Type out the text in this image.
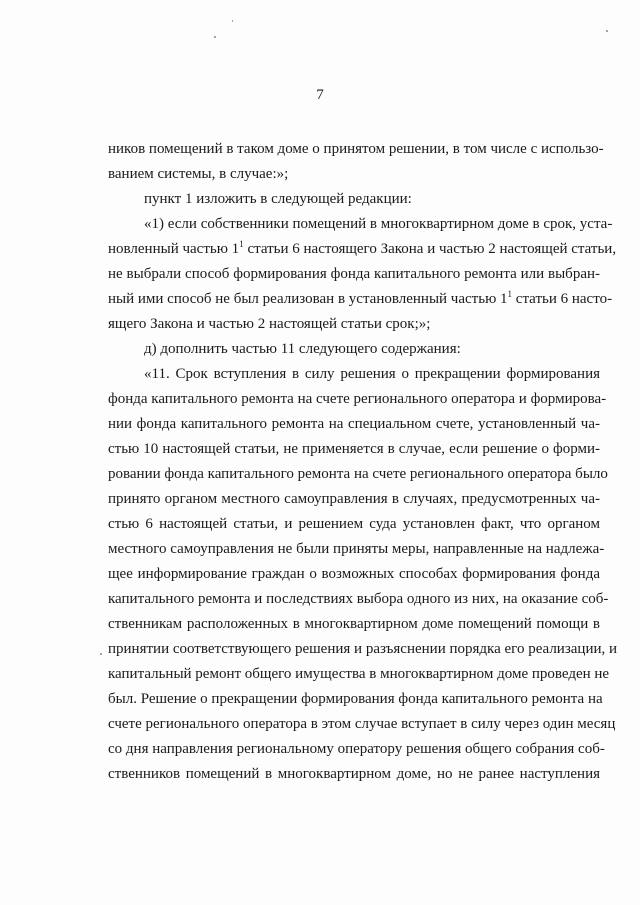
7
ников помещений в таком доме о принятом решении, в том числе с использо-
ванием системы, в случае:»;
пункт 1 изложить в следующей редакции:
«1) если собственники помещений в многоквартирном доме в срок, уста-
новленный частью $1^1$ статьи 6 настоящего Закона и частью 2 настоящей статьи,
не выбрали способ формирования фонда капитального ремонта или выбран-
ный ими способ не был реализован в установленный частью $1^1$ статьи 6 насто-
ящего Закона и частью 2 настоящей статьи срок;»;
д) дополнить частью 11 следующего содержания:
«11. Срок вступления в силу решения о прекращении формирования
фонда капитального ремонта на счете регионального оператора и формирова-
нии фонда капитального ремонта на специальном счете, установленный ча-
стью 10 настоящей статьи, не применяется в случае, если решение о форми-
ровании фонда капитального ремонта на счете регионального оператора было
принято органом местного самоуправления в случаях, предусмотренных ча-
стью 6 настоящей статьи, и решением суда установлен факт, что органом
местного самоуправления не были приняты меры, направленные на надлежа-
щее информирование граждан о возможных способах формирования фонда
капитального ремонта и последствиях выбора одного из них, на оказание соб-
ственникам расположенных в многоквартирном доме помещений помощи в
принятии соответствующего решения и разъяснении порядка его реализации, и
капитальный ремонт общего имущества в многоквартирном доме проведен не
был. Решение о прекращении формирования фонда капитального ремонта на
счете регионального оператора в этом случае вступает в силу через один месяц
со дня направления региональному оператору решения общего собрания соб-
ственников помещений в многоквартирном доме, но не ранее наступления
